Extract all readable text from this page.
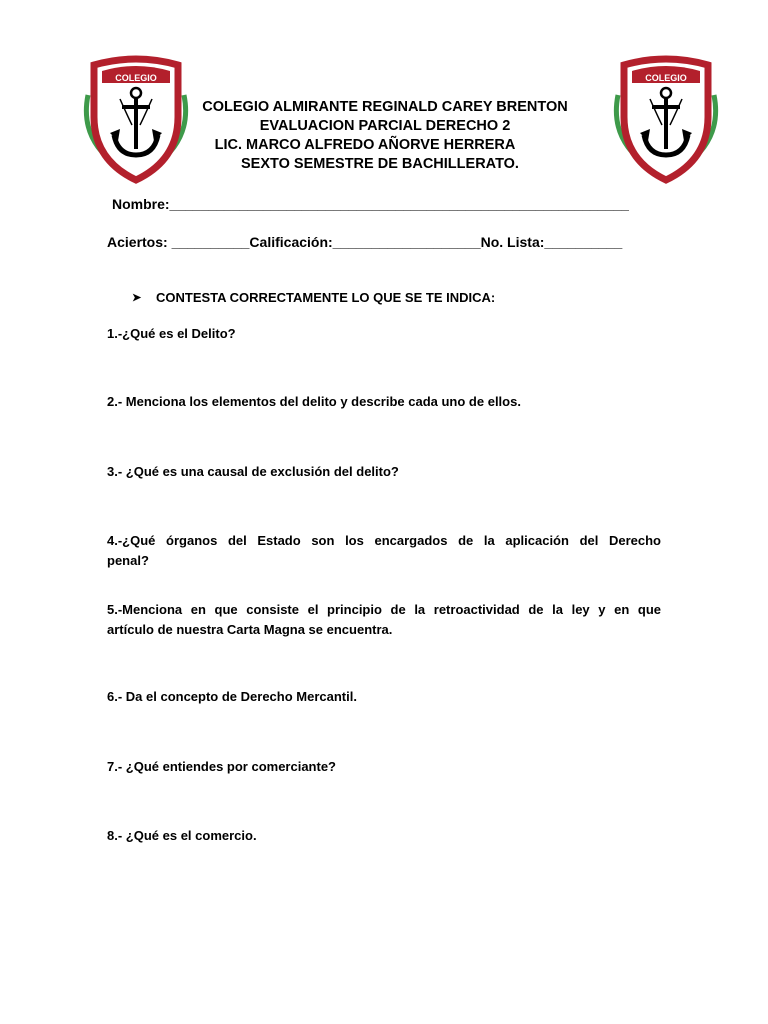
COLEGIO	COLEGIO
COLEGIO ALMIRANTE REGINALD CAREY BRENTON
EVALUACION PARCIAL DERECHO 2
LIC. MARCO ALFREDO AÑORVE HERRERA
SEXTO SEMESTRE DE BACHILLERATO.
Nombre:___________________________________________________________
Aciertos: __________Calificación:___________________No. Lista:__________
➤	CONTESTA CORRECTAMENTE LO QUE SE TE INDICA:
1.-¿Qué es el Delito?
2.- Menciona los elementos del delito y describe cada uno de ellos.
3.- ¿Qué es una causal de exclusión del delito?
4.-¿Qué órganos del Estado son los encargados de la aplicación del Derecho
penal?
5.-Menciona en que consiste el principio de la retroactividad de la ley y en que
artículo de nuestra Carta Magna se encuentra.
6.- Da el concepto de Derecho Mercantil.
7.- ¿Qué entiendes por comerciante?
8.- ¿Qué es el comercio.
